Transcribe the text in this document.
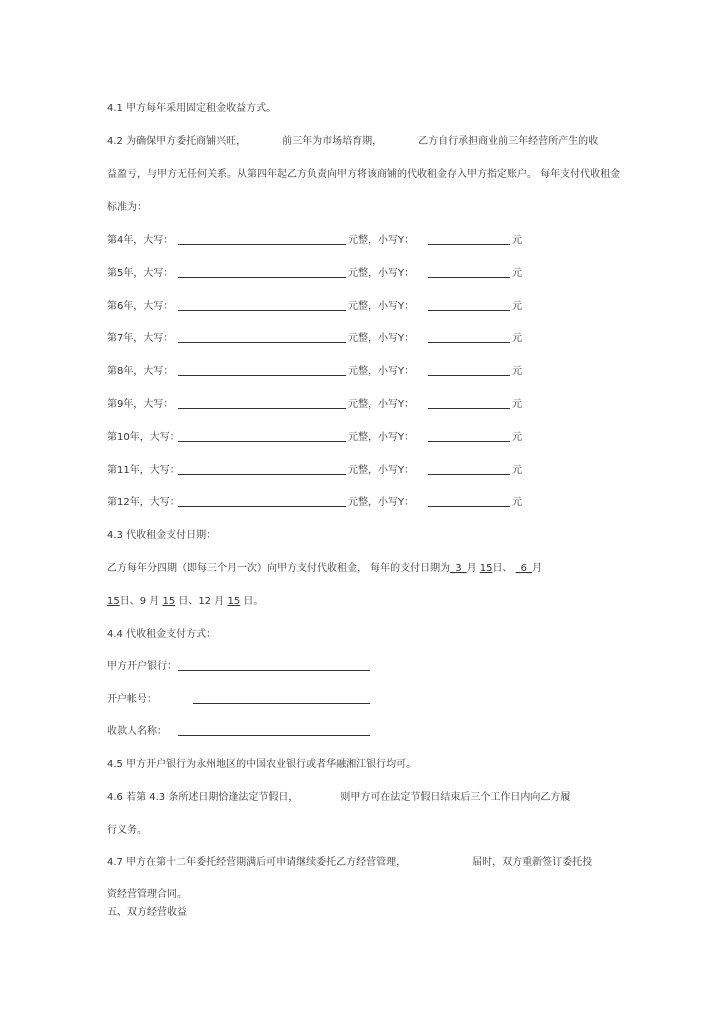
4.1 甲方每年采用固定租金收益方式。
4.2 为确保甲方委托商铺兴旺，	前三年为市场培育期，	乙方自行承担商业前三年经营所产生的收
益盈亏，与甲方无任何关系。从第四年起乙方负责向甲方将该商铺的代收租金存入甲方指定账户。 每年支付代收租金
标准为：
第4年，大写：	元整，小写Y：	元
第5年，大写：	元整，小写Y：	元
第6年，大写：	元整，小写Y：	元
第7年，大写：	元整，小写Y：	元
第8年，大写：	元整，小写Y：	元
第9年，大写：	元整，小写Y：	元
第10年，大写：	元整，小写Y：	元
第11年，大写：	元整，小写Y：	元
第12年，大写：	元整，小写Y：	元
4.3 代收租金支付日期：
乙方每年分四期（即每三个月一次）向甲方支付代收租金， 每年的支付日期为_3_月 15日、 _6_月
15日、9 月 15 日、12 月 15 日。
4.4 代收租金支付方式：
甲方开户银行：
开户帐号：
收款人名称：
4.5 甲方开户银行为永州地区的中国农业银行或者华融湘江银行均可。
4.6 若第 4.3 条所述日期恰逢法定节假日，	则甲方可在法定节假日结束后三个工作日内向乙方履
行义务。
4.7 甲方在第十二年委托经营期满后可申请继续委托乙方经营管理，	届时，双方重新签订委托投
资经营管理合同。
五、双方经营收益
